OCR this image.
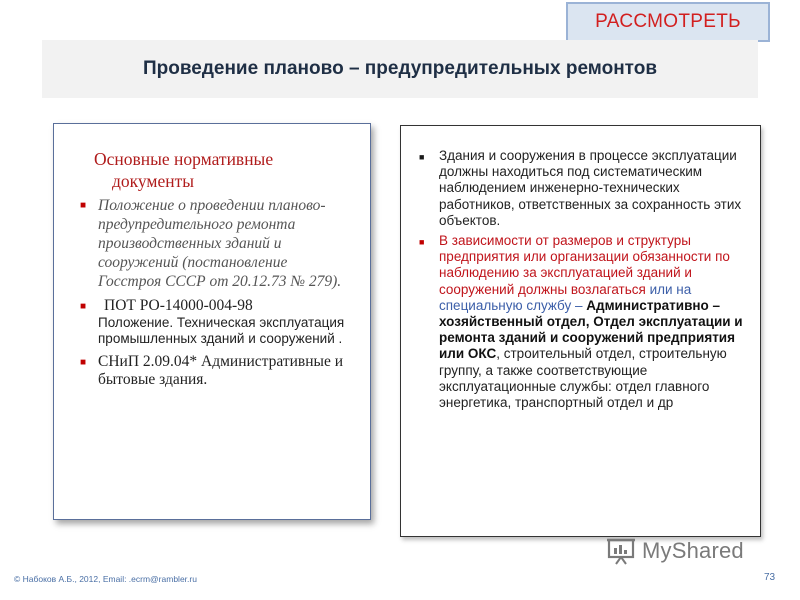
РАССМОТРЕТЬ
Проведение планово – предупредительных ремонтов
Основные нормативные
документы
■ Положение о проведении планово-предупредительного ремонта производственных зданий и сооружений (постановление Госстроя СССР от 20.12.73 № 279).
■	ПОТ РО-14000-004-98
Положение. Техническая эксплуатация промышленных зданий и сооружений .
■ СНиП 2.09.04* Административные и бытовые здания.
■ Здания и сооружения в процессе эксплуатации должны находиться под систематическим наблюдением инженерно-технических работников, ответственных за сохранность этих объектов.
■ В зависимости от размеров и структуры предприятия или организации обязанности по наблюдению за эксплуатацией зданий и сооружений должны возлагаться или на специальную службу – Административно – хозяйственный отдел, Отдел эксплуатации и ремонта зданий и сооружений предприятия или ОКС, строительный отдел, строительную группу, а также соответствующие эксплуатационные службы: отдел главного энергетика, транспортный отдел и др
MyShared
© Набоков А.Б., 2012, Email: .ecrm@rambler.ru	73
